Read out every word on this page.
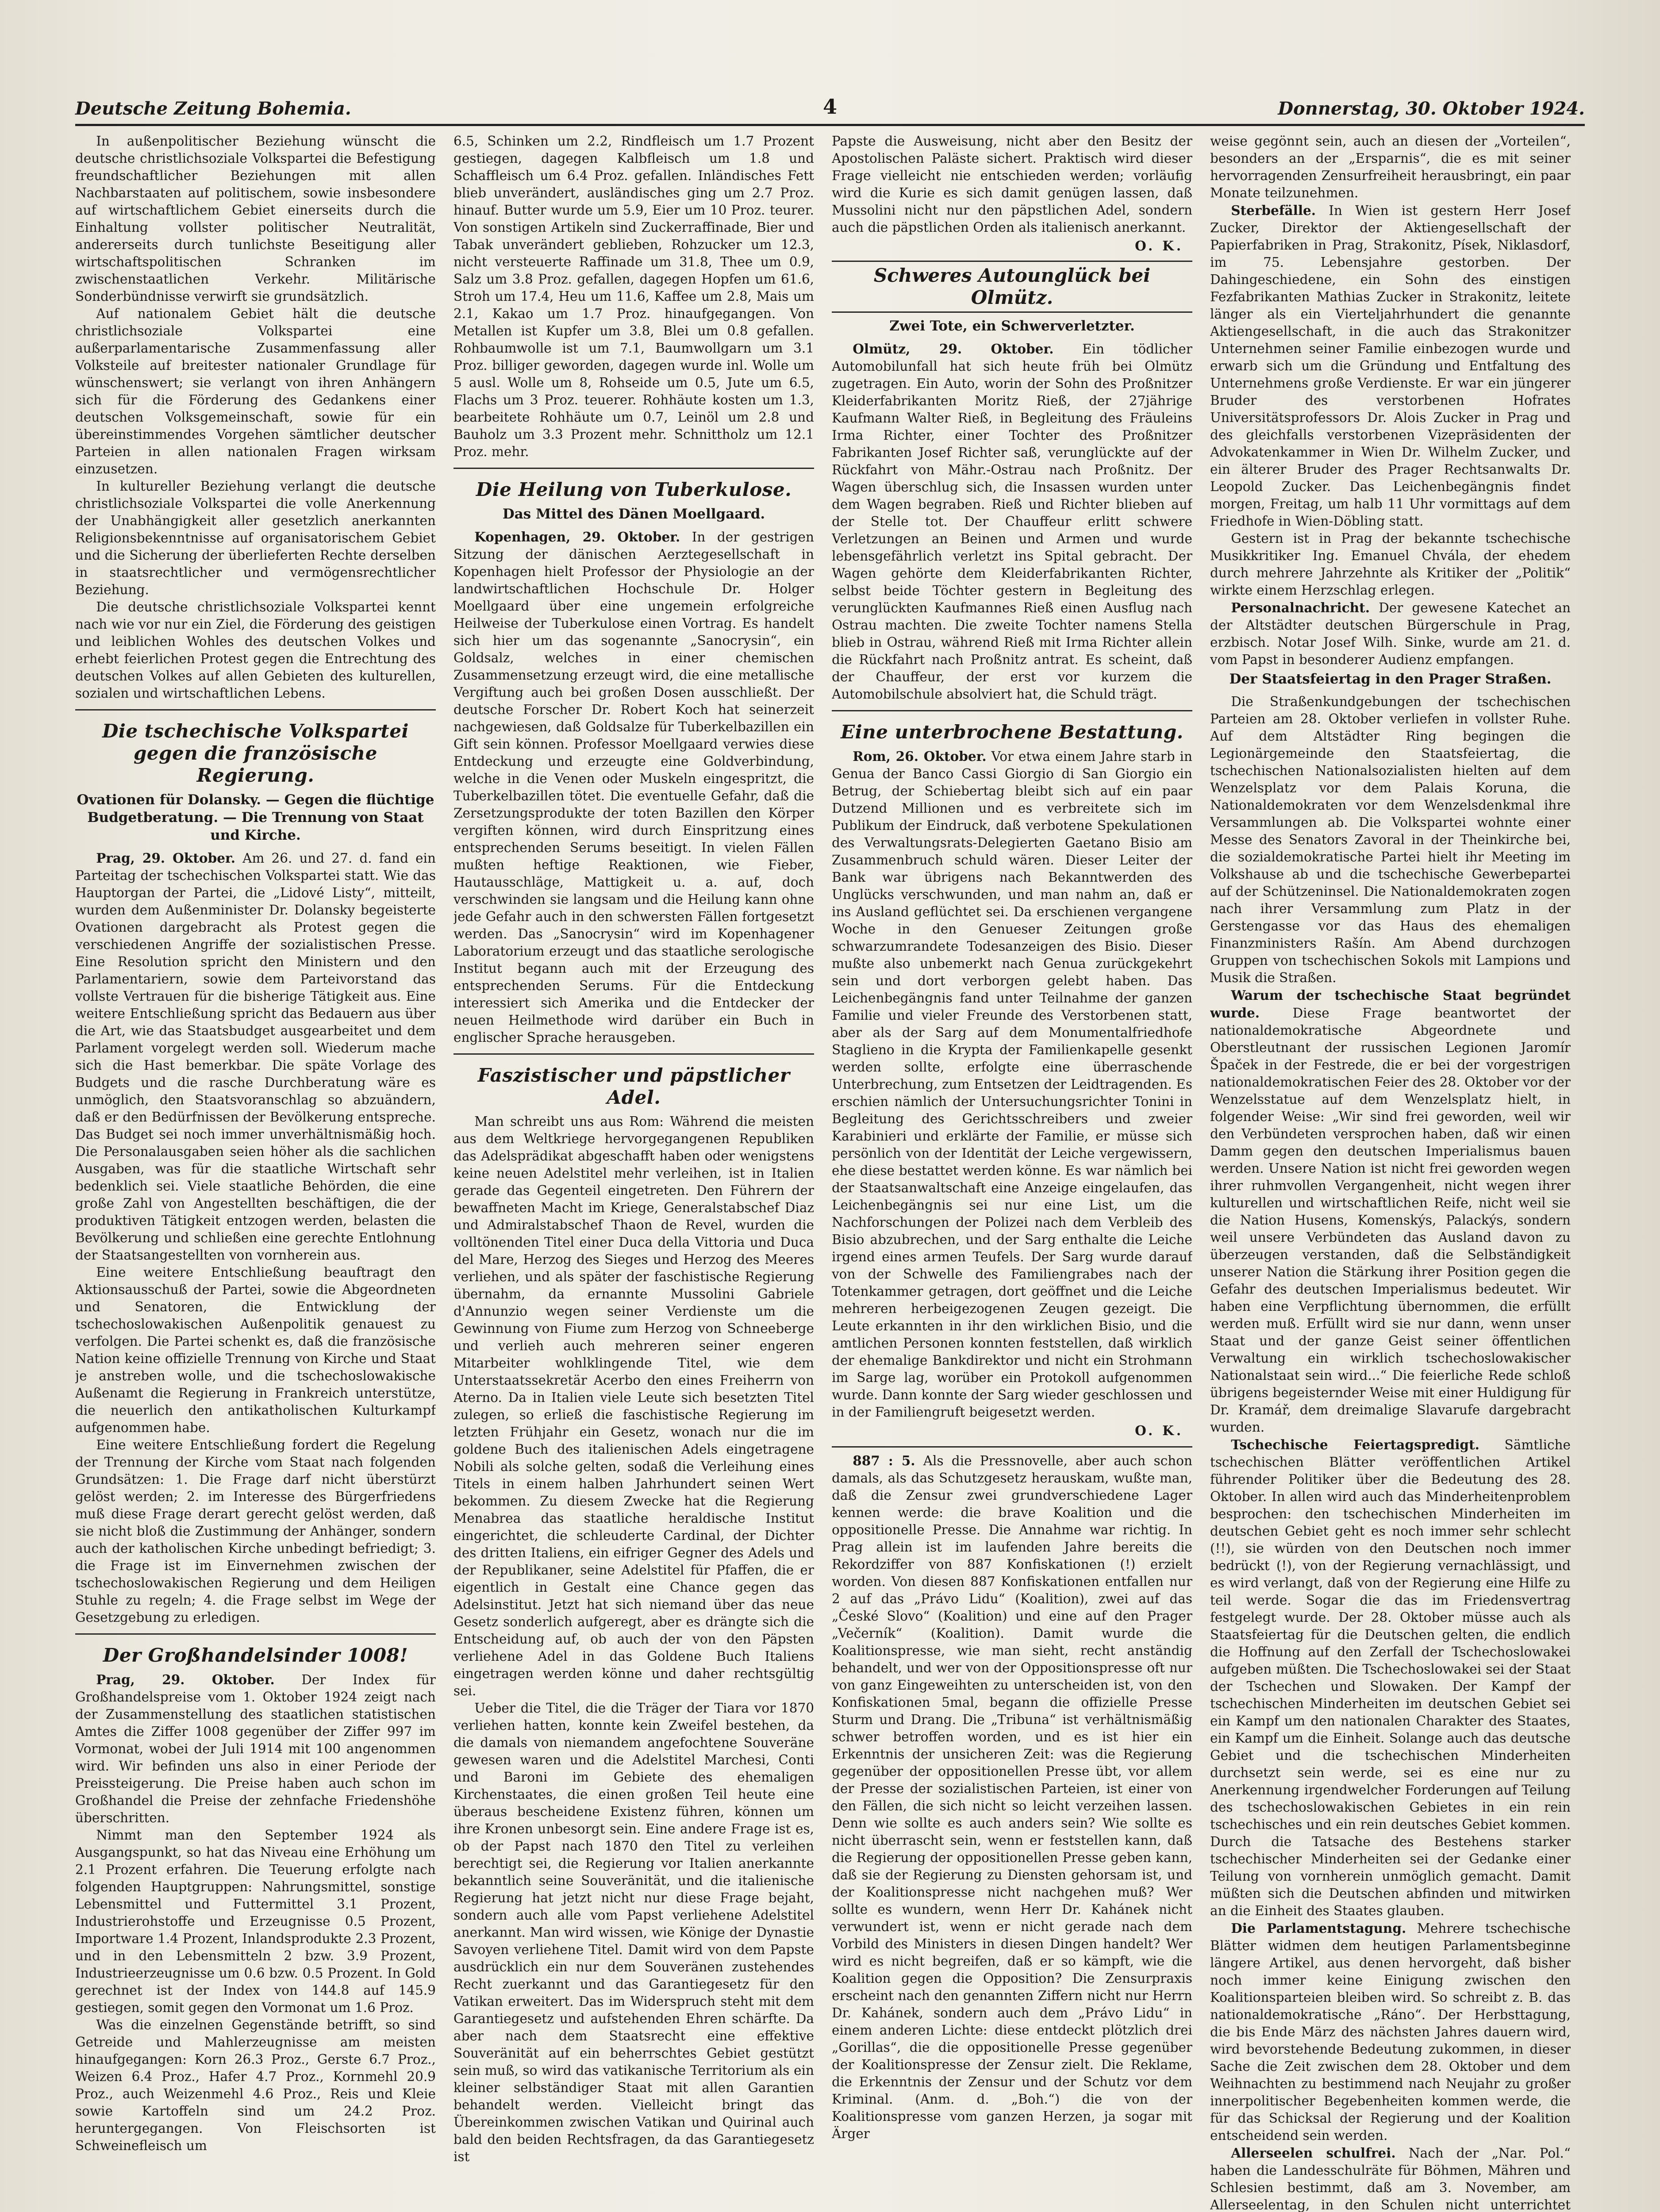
Deutsche Zeitung Bohemia.	4	Donnerstag, 30. Oktober 1924.

In außenpolitischer Beziehung wünscht die deutsche christlichsoziale Volkspartei die Befestigung freundschaftlicher Beziehungen mit allen Nachbarstaaten auf politischem, sowie insbesondere auf wirtschaftlichem Gebiet einerseits durch die Einhaltung vollster politischer Neutralität, andererseits durch tunlichste Beseitigung aller wirtschaftspolitischen Schranken im zwischenstaatlichen Verkehr. Militärische Sonderbündnisse verwirft sie grundsätzlich.

Auf nationalem Gebiet hält die deutsche christlichsoziale Volkspartei eine außerparlamentarische Zusammenfassung aller Volksteile auf breitester nationaler Grundlage für wünschenswert; sie verlangt von ihren Anhängern sich für die Förderung des Gedankens einer deutschen Volksgemeinschaft, sowie für ein übereinstimmendes Vorgehen sämtlicher deutscher Parteien in allen nationalen Fragen wirksam einzusetzen.

In kultureller Beziehung verlangt die deutsche christlichsoziale Volkspartei die volle Anerkennung der Unabhängigkeit aller gesetzlich anerkannten Religionsbekenntnisse auf organisatorischem Gebiet und die Sicherung der überlieferten Rechte derselben in staatsrechtlicher und vermögensrechtlicher Beziehung.

Die deutsche christlichsoziale Volkspartei kennt nach wie vor nur ein Ziel, die Förderung des geistigen und leiblichen Wohles des deutschen Volkes und erhebt feierlichen Protest gegen die Entrechtung des deutschen Volkes auf allen Gebieten des kulturellen, sozialen und wirtschaftlichen Lebens.

Die tschechische Volkspartei gegen die französische Regierung.
Ovationen für Dolansky. — Gegen die flüchtige Budgetberatung. — Die Trennung von Staat und Kirche.

Prag, 29. Oktober. Am 26. und 27. d. fand ein Parteitag der tschechischen Volkspartei statt. Wie das Hauptorgan der Partei, die „Lidové Listy“, mitteilt, wurden dem Außenminister Dr. Dolansky begeisterte Ovationen dargebracht als Protest gegen die verschiedenen Angriffe der sozialistischen Presse. Eine Resolution spricht den Ministern und den Parlamentariern, sowie dem Parteivorstand das vollste Vertrauen für die bisherige Tätigkeit aus. Eine weitere Entschließung spricht das Bedauern aus über die Art, wie das Staatsbudget ausgearbeitet und dem Parlament vorgelegt werden soll. Wiederum mache sich die Hast bemerkbar. Die späte Vorlage des Budgets und die rasche Durchberatung wäre es unmöglich, den Staatsvoranschlag so abzuändern, daß er den Bedürfnissen der Bevölkerung entspreche. Das Budget sei noch immer unverhältnismäßig hoch. Die Personalausgaben seien höher als die sachlichen Ausgaben, was für die staatliche Wirtschaft sehr bedenklich sei. Viele staatliche Behörden, die eine große Zahl von Angestellten beschäftigen, die der produktiven Tätigkeit entzogen werden, belasten die Bevölkerung und schließen eine gerechte Entlohnung der Staatsangestellten von vornherein aus.

Eine weitere Entschließung beauftragt den Aktionsausschuß der Partei, sowie die Abgeordneten und Senatoren, die Entwicklung der tschechoslowakischen Außenpolitik genauest zu verfolgen. Die Partei schenkt es, daß die französische Nation keine offizielle Trennung von Kirche und Staat je anstreben wolle, und die tschechoslowakische Außenamt die Regierung in Frankreich unterstütze, die neuerlich den antikatholischen Kulturkampf aufgenommen habe.

Eine weitere Entschließung fordert die Regelung der Trennung der Kirche vom Staat nach folgenden Grundsätzen: 1. Die Frage darf nicht überstürzt gelöst werden; 2. im Interesse des Bürgerfriedens muß diese Frage derart gerecht gelöst werden, daß sie nicht bloß die Zustimmung der Anhänger, sondern auch der katholischen Kirche unbedingt befriedigt; 3. die Frage ist im Einvernehmen zwischen der tschechoslowakischen Regierung und dem Heiligen Stuhle zu regeln; 4. die Frage selbst im Wege der Gesetzgebung zu erledigen.

Der Großhandelsinder 1008!

Prag, 29. Oktober. Der Index für Großhandelspreise vom 1. Oktober 1924 zeigt nach der Zusammenstellung des staatlichen statistischen Amtes die Ziffer 1008 gegenüber der Ziffer 997 im Vormonat, wobei der Juli 1914 mit 100 angenommen wird. Wir befinden uns also in einer Periode der Preissteigerung. Die Preise haben auch schon im Großhandel die Preise der zehnfache Friedenshöhe überschritten.

Nimmt man den September 1924 als Ausgangspunkt, so hat das Niveau eine Erhöhung um 2.1 Prozent erfahren. Die Teuerung erfolgte nach folgenden Hauptgruppen: Nahrungsmittel, sonstige Lebensmittel und Futtermittel 3.1 Prozent, Industrierohstoffe und Erzeugnisse 0.5 Prozent, Importware 1.4 Prozent, Inlandsprodukte 2.3 Prozent, und in den Lebensmitteln 2 bzw. 3.9 Prozent, Industrieerzeugnisse um 0.6 bzw. 0.5 Prozent. In Gold gerechnet ist der Index von 144.8 auf 145.9 gestiegen, somit gegen den Vormonat um 1.6 Proz.

Was die einzelnen Gegenstände betrifft, so sind Getreide und Mahlerzeugnisse am meisten hinaufgegangen: Korn 26.3 Proz., Gerste 6.7 Proz., Weizen 6.4 Proz., Hafer 4.7 Proz., Kornmehl 20.9 Proz., auch Weizenmehl 4.6 Proz., Reis und Kleie sowie Kartoffeln sind um 24.2 Proz. heruntergegangen. Von Fleischsorten ist Schweinefleisch um

6.5, Schinken um 2.2, Rindfleisch um 1.7 Prozent gestiegen, dagegen Kalbfleisch um 1.8 und Schaffleisch um 6.4 Proz. gefallen. Inländisches Fett blieb unverändert, ausländisches ging um 2.7 Proz. hinauf. Butter wurde um 5.9, Eier um 10 Proz. teurer. Von sonstigen Artikeln sind Zuckerraffinade, Bier und Tabak unverändert geblieben, Rohzucker um 12.3, nicht versteuerte Raffinade um 31.8, Thee um 0.9, Salz um 3.8 Proz. gefallen, dagegen Hopfen um 61.6, Stroh um 17.4, Heu um 11.6, Kaffee um 2.8, Mais um 2.1, Kakao um 1.7 Proz. hinaufgegangen. Von Metallen ist Kupfer um 3.8, Blei um 0.8 gefallen. Rohbaumwolle ist um 7.1, Baumwollgarn um 3.1 Proz. billiger geworden, dagegen wurde inl. Wolle um 5 ausl. Wolle um 8, Rohseide um 0.5, Jute um 6.5, Flachs um 3 Proz. teuerer. Rohhäute kosten um 1.3, bearbeitete Rohhäute um 0.7, Leinöl um 2.8 und Bauholz um 3.3 Prozent mehr. Schnittholz um 12.1 Proz. mehr.

Die Heilung von Tuberkulose.
Das Mittel des Dänen Moellgaard.

Kopenhagen, 29. Oktober. In der gestrigen Sitzung der dänischen Aerztegesellschaft in Kopenhagen hielt Professor der Physiologie an der landwirtschaftlichen Hochschule Dr. Holger Moellgaard über eine ungemein erfolgreiche Heilweise der Tuberkulose einen Vortrag. Es handelt sich hier um das sogenannte „Sanocrysin“, ein Goldsalz, welches in einer chemischen Zusammensetzung erzeugt wird, die eine metallische Vergiftung auch bei großen Dosen ausschließt. Der deutsche Forscher Dr. Robert Koch hat seinerzeit nachgewiesen, daß Goldsalze für Tuberkelbazillen ein Gift sein können. Professor Moellgaard verwies diese Entdeckung und erzeugte eine Goldverbindung, welche in die Venen oder Muskeln eingespritzt, die Tuberkelbazillen tötet. Die eventuelle Gefahr, daß die Zersetzungsprodukte der toten Bazillen den Körper vergiften können, wird durch Einspritzung eines entsprechenden Serums beseitigt. In vielen Fällen mußten heftige Reaktionen, wie Fieber, Hautausschläge, Mattigkeit u. a. auf, doch verschwinden sie langsam und die Heilung kann ohne jede Gefahr auch in den schwersten Fällen fortgesetzt werden. Das „Sanocrysin“ wird im Kopenhagener Laboratorium erzeugt und das staatliche serologische Institut begann auch mit der Erzeugung des entsprechenden Serums. Für die Entdeckung interessiert sich Amerika und die Entdecker der neuen Heilmethode wird darüber ein Buch in englischer Sprache herausgeben.

Faszistischer und päpstlicher Adel.

Man schreibt uns aus Rom: Während die meisten aus dem Weltkriege hervorgegangenen Republiken das Adelsprädikat abgeschafft haben oder wenigstens keine neuen Adelstitel mehr verleihen, ist in Italien gerade das Gegenteil eingetreten. Den Führern der bewaffneten Macht im Kriege, Generalstabschef Diaz und Admiralstabschef Thaon de Revel, wurden die volltönenden Titel einer Duca della Vittoria und Duca del Mare, Herzog des Sieges und Herzog des Meeres verliehen, und als später der faschistische Regierung übernahm, da ernannte Mussolini Gabriele d'Annunzio wegen seiner Verdienste um die Gewinnung von Fiume zum Herzog von Schneeberge und verlieh auch mehreren seiner engeren Mitarbeiter wohlklingende Titel, wie dem Unterstaatssekretär Acerbo den eines Freiherrn von Aterno. Da in Italien viele Leute sich besetzten Titel zulegen, so erließ die faschistische Regierung im letzten Frühjahr ein Gesetz, wonach nur die im goldene Buch des italienischen Adels eingetragene Nobili als solche gelten, sodaß die Verleihung eines Titels in einem halben Jahrhundert seinen Wert bekommen. Zu diesem Zwecke hat die Regierung Menabrea das staatliche heraldische Institut eingerichtet, die schleuderte Cardinal, der Dichter des dritten Italiens, ein eifriger Gegner des Adels und der Republikaner, seine Adelstitel für Pfaffen, die er eigentlich in Gestalt eine Chance gegen das Adelsinstitut. Jetzt hat sich niemand über das neue Gesetz sonderlich aufgeregt, aber es drängte sich die Entscheidung auf, ob auch der von den Päpsten verliehene Adel in das Goldene Buch Italiens eingetragen werden könne und daher rechtsgültig sei.

Ueber die Titel, die die Träger der Tiara vor 1870 verliehen hatten, konnte kein Zweifel bestehen, da die damals von niemandem angefochtene Souveräne gewesen waren und die Adelstitel Marchesi, Conti und Baroni im Gebiete des ehemaligen Kirchenstaates, die einen großen Teil heute eine überaus bescheidene Existenz führen, können um ihre Kronen unbesorgt sein. Eine andere Frage ist es, ob der Papst nach 1870 den Titel zu verleihen berechtigt sei, die Regierung vor Italien anerkannte bekanntlich seine Souveränität, und die italienische Regierung hat jetzt nicht nur diese Frage bejaht, sondern auch alle vom Papst verliehene Adelstitel anerkannt. Man wird wissen, wie Könige der Dynastie Savoyen verliehene Titel. Damit wird von dem Papste ausdrücklich ein nur dem Souveränen zustehendes Recht zuerkannt und das Garantiegesetz für den Vatikan erweitert. Das im Widerspruch steht mit dem Garantiegesetz und aufstehenden Ehren schärfte. Da aber nach dem Staatsrecht eine effektive Souveränität auf ein beherrschtes Gebiet gestützt sein muß, so wird das vatikanische Territorium als ein kleiner selbständiger Staat mit allen Garantien behandelt werden. Vielleicht bringt das Übereinkommen zwischen Vatikan und Quirinal auch bald den beiden Rechtsfragen, da das Garantiegesetz ist

Papste die Ausweisung, nicht aber den Besitz der Apostolischen Paläste sichert. Praktisch wird dieser Frage vielleicht nie entschieden werden; vorläufig wird die Kurie es sich damit genügen lassen, daß Mussolini nicht nur den päpstlichen Adel, sondern auch die päpstlichen Orden als italienisch anerkannt.

O. K.
Schweres Autounglück bei Olmütz.
Zwei Tote, ein Schwerverletzter.

Olmütz, 29. Oktober. Ein tödlicher Automobilunfall hat sich heute früh bei Olmütz zugetragen. Ein Auto, worin der Sohn des Proßnitzer Kleiderfabrikanten Moritz Rieß, der 27jährige Kaufmann Walter Rieß, in Begleitung des Fräuleins Irma Richter, einer Tochter des Proßnitzer Fabrikanten Josef Richter saß, verunglückte auf der Rückfahrt von Mähr.-Ostrau nach Proßnitz. Der Wagen überschlug sich, die Insassen wurden unter dem Wagen begraben. Rieß und Richter blieben auf der Stelle tot. Der Chauffeur erlitt schwere Verletzungen an Beinen und Armen und wurde lebensgefährlich verletzt ins Spital gebracht. Der Wagen gehörte dem Kleiderfabrikanten Richter, selbst beide Töchter gestern in Begleitung des verunglückten Kaufmannes Rieß einen Ausflug nach Ostrau machten. Die zweite Tochter namens Stella blieb in Ostrau, während Rieß mit Irma Richter allein die Rückfahrt nach Proßnitz antrat. Es scheint, daß der Chauffeur, der erst vor kurzem die Automobilschule absolviert hat, die Schuld trägt.

Eine unterbrochene Bestattung.

Rom, 26. Oktober. Vor etwa einem Jahre starb in Genua der Banco Cassi Giorgio di San Giorgio ein Betrug, der Schiebertag bleibt sich auf ein paar Dutzend Millionen und es verbreitete sich im Publikum der Eindruck, daß verbotene Spekulationen des Verwaltungsrats-Delegierten Gaetano Bisio am Zusammenbruch schuld wären. Dieser Leiter der Bank war übrigens nach Bekanntwerden des Unglücks verschwunden, und man nahm an, daß er ins Ausland geflüchtet sei. Da erschienen vergangene Woche in den Genueser Zeitungen große schwarzumrandete Todesanzeigen des Bisio. Dieser mußte also unbemerkt nach Genua zurückgekehrt sein und dort verborgen gelebt haben. Das Leichenbegängnis fand unter Teilnahme der ganzen Familie und vieler Freunde des Verstorbenen statt, aber als der Sarg auf dem Monumentalfriedhofe Staglieno in die Krypta der Familienkapelle gesenkt werden sollte, erfolgte eine überraschende Unterbrechung, zum Entsetzen der Leidtragenden. Es erschien nämlich der Untersuchungsrichter Tonini in Begleitung des Gerichtsschreibers und zweier Karabinieri und erklärte der Familie, er müsse sich persönlich von der Identität der Leiche vergewissern, ehe diese bestattet werden könne. Es war nämlich bei der Staatsanwaltschaft eine Anzeige eingelaufen, das Leichenbegängnis sei nur eine List, um die Nachforschungen der Polizei nach dem Verbleib des Bisio abzubrechen, und der Sarg enthalte die Leiche irgend eines armen Teufels. Der Sarg wurde darauf von der Schwelle des Familiengrabes nach der Totenkammer getragen, dort geöffnet und die Leiche mehreren herbeigezogenen Zeugen gezeigt. Die Leute erkannten in ihr den wirklichen Bisio, und die amtlichen Personen konnten feststellen, daß wirklich der ehemalige Bankdirektor und nicht ein Strohmann im Sarge lag, worüber ein Protokoll aufgenommen wurde. Dann konnte der Sarg wieder geschlossen und in der Familiengruft beigesetzt werden.

O. K.

887 : 5. Als die Pressnovelle, aber auch schon damals, als das Schutzgesetz herauskam, wußte man, daß die Zensur zwei grundverschiedene Lager kennen werde: die brave Koalition und die oppositionelle Presse. Die Annahme war richtig. In Prag allein ist im laufenden Jahre bereits die Rekordziffer von 887 Konfiskationen (!) erzielt worden. Von diesen 887 Konfiskationen entfallen nur 2 auf das „Právo Lidu“ (Koalition), zwei auf das „České Slovo“ (Koalition) und eine auf den Prager „Večerník“ (Koalition). Damit wurde die Koalitionspresse, wie man sieht, recht anständig behandelt, und wer von der Oppositionspresse oft nur von ganz Eingeweihten zu unterscheiden ist, von den Konfiskationen 5mal, begann die offizielle Presse Sturm und Drang. Die „Tribuna“ ist verhältnismäßig schwer betroffen worden, und es ist hier ein Erkenntnis der unsicheren Zeit: was die Regierung gegenüber der oppositionellen Presse übt, vor allem der Presse der sozialistischen Parteien, ist einer von den Fällen, die sich nicht so leicht verzeihen lassen. Denn wie sollte es auch anders sein? Wie sollte es nicht überrascht sein, wenn er feststellen kann, daß die Regierung der oppositionellen Presse geben kann, daß sie der Regierung zu Diensten gehorsam ist, und der Koalitionspresse nicht nachgehen muß? Wer sollte es wundern, wenn Herr Dr. Kahánek nicht verwundert ist, wenn er nicht gerade nach dem Vorbild des Ministers in diesen Dingen handelt? Wer wird es nicht begreifen, daß er so kämpft, wie die Koalition gegen die Opposition? Die Zensurpraxis erscheint nach den genannten Ziffern nicht nur Herrn Dr. Kahánek, sondern auch dem „Právo Lidu“ in einem anderen Lichte: diese entdeckt plötzlich drei „Gorillas“, die die oppositionelle Presse gegenüber der Koalitionspresse der Zensur zielt. Die Reklame, die Erkenntnis der Zensur und der Schutz vor dem Kriminal. (Anm. d. „Boh.“) die von der Koalitionspresse vom ganzen Herzen, ja sogar mit Ärger

weise gegönnt sein, auch an diesen der „Vorteilen“, besonders an der „Ersparnis“, die es mit seiner hervorragenden Zensurfreiheit herausbringt, ein paar Monate teilzunehmen.

Sterbefälle. In Wien ist gestern Herr Josef Zucker, Direktor der Aktiengesellschaft der Papierfabriken in Prag, Strakonitz, Písek, Niklasdorf, im 75. Lebensjahre gestorben. Der Dahingeschiedene, ein Sohn des einstigen Fezfabrikanten Mathias Zucker in Strakonitz, leitete länger als ein Vierteljahrhundert die genannte Aktiengesellschaft, in die auch das Strakonitzer Unternehmen seiner Familie einbezogen wurde und erwarb sich um die Gründung und Entfaltung des Unternehmens große Verdienste. Er war ein jüngerer Bruder des verstorbenen Hofrates Universitätsprofessors Dr. Alois Zucker in Prag und des gleichfalls verstorbenen Vizepräsidenten der Advokatenkammer in Wien Dr. Wilhelm Zucker, und ein älterer Bruder des Prager Rechtsanwalts Dr. Leopold Zucker. Das Leichenbegängnis findet morgen, Freitag, um halb 11 Uhr vormittags auf dem Friedhofe in Wien-Döbling statt.

Gestern ist in Prag der bekannte tschechische Musikkritiker Ing. Emanuel Chvála, der ehedem durch mehrere Jahrzehnte als Kritiker der „Politik“ wirkte einem Herzschlag erlegen.

Personalnachricht. Der gewesene Katechet an der Altstädter deutschen Bürgerschule in Prag, erzbisch. Notar Josef Wilh. Sinke, wurde am 21. d. vom Papst in besonderer Audienz empfangen.

Der Staatsfeiertag in den Prager Straßen.

Die Straßenkundgebungen der tschechischen Parteien am 28. Oktober verliefen in vollster Ruhe. Auf dem Altstädter Ring begingen die Legionärgemeinde den Staatsfeiertag, die tschechischen Nationalsozialisten hielten auf dem Wenzelsplatz vor dem Palais Koruna, die Nationaldemokraten vor dem Wenzelsdenkmal ihre Versammlungen ab. Die Volkspartei wohnte einer Messe des Senators Zavoral in der Theinkirche bei, die sozialdemokratische Partei hielt ihr Meeting im Volkshause ab und die tschechische Gewerbepartei auf der Schützeninsel. Die Nationaldemokraten zogen nach ihrer Versammlung zum Platz in der Gerstengasse vor das Haus des ehemaligen Finanzministers Rašín. Am Abend durchzogen Gruppen von tschechischen Sokols mit Lampions und Musik die Straßen.

Warum der tschechische Staat begründet wurde.	Diese Frage beantwortet der nationaldemokratische Abgeordnete und Oberstleutnant der russischen Legionen Jaromír Špaček in der Festrede, die er bei der vorgestrigen nationaldemokratischen Feier des 28. Oktober vor der Wenzelsstatue auf dem Wenzelsplatz hielt, in folgender Weise: „Wir sind frei geworden, weil wir den Verbündeten versprochen haben, daß wir einen Damm gegen den deutschen Imperialismus bauen werden. Unsere Nation ist nicht frei geworden wegen ihrer ruhmvollen Vergangenheit, nicht wegen ihrer kulturellen und wirtschaftlichen Reife, nicht weil sie die Nation Husens, Komenskýs, Palackýs, sondern weil unsere Verbündeten das Ausland davon zu überzeugen verstanden, daß die Selbständigkeit unserer Nation die Stärkung ihrer Position gegen die Gefahr des deutschen Imperialismus bedeutet. Wir haben eine Verpflichtung übernommen, die erfüllt werden muß. Erfüllt wird sie nur dann, wenn unser Staat und der ganze Geist seiner öffentlichen Verwaltung ein wirklich tschechoslowakischer Nationalstaat sein wird...“ Die feierliche Rede schloß übrigens begeisternder Weise mit einer Huldigung für Dr. Kramář, dem dreimalige Slavarufe dargebracht wurden.

Tschechische Feiertagspredigt. Sämtliche tschechischen Blätter veröffentlichen Artikel führender Politiker über die Bedeutung des 28. Oktober. In allen wird auch das Minderheitenproblem besprochen: den tschechischen Minderheiten im deutschen Gebiet geht es noch immer sehr schlecht (!!), sie würden von den Deutschen noch immer bedrückt (!), von der Regierung vernachlässigt, und es wird verlangt, daß von der Regierung eine Hilfe zu teil werde. Sogar die das im Friedensvertrag festgelegt wurde. Der 28. Oktober müsse auch als Staatsfeiertag für die Deutschen gelten, die endlich die Hoffnung auf den Zerfall der Tschechoslowakei aufgeben müßten. Die Tschechoslowakei sei der Staat der Tschechen und Slowaken. Der Kampf der tschechischen Minderheiten im deutschen Gebiet sei ein Kampf um den nationalen Charakter des Staates, ein Kampf um die Einheit. Solange auch das deutsche Gebiet und die tschechischen Minderheiten durchsetzt sein werde, sei es eine nur zu Anerkennung irgendwelcher Forderungen auf Teilung des tschechoslowakischen Gebietes in ein rein tschechisches und ein rein deutsches Gebiet kommen. Durch die Tatsache des Bestehens starker tschechischer Minderheiten sei der Gedanke einer Teilung von vornherein unmöglich gemacht. Damit müßten sich die Deutschen abfinden und mitwirken an die Einheit des Staates glauben.

Die Parlamentstagung. Mehrere tschechische Blätter widmen dem heutigen Parlamentsbeginne längere Artikel, aus denen hervorgeht, daß bisher noch immer keine Einigung zwischen den Koalitionsparteien bleiben wird. So schreibt z. B. das nationaldemokratische „Ráno“. Der Herbsttagung, die bis Ende März des nächsten Jahres dauern wird, wird bevorstehende Bedeutung zukommen, in dieser Sache die Zeit zwischen dem 28. Oktober und dem Weihnachten zu bestimmend nach Neujahr zu großer innerpolitischer Begebenheiten kommen werde, die für das Schicksal der Regierung und der Koalition entscheidend sein werden.

Allerseelen schulfrei. Nach der „Nar. Pol.“ haben die Landesschulräte für Böhmen, Mähren und Schlesien bestimmt, daß am 3. November, am Allerseelentag, in den Schulen nicht unterrichtet
